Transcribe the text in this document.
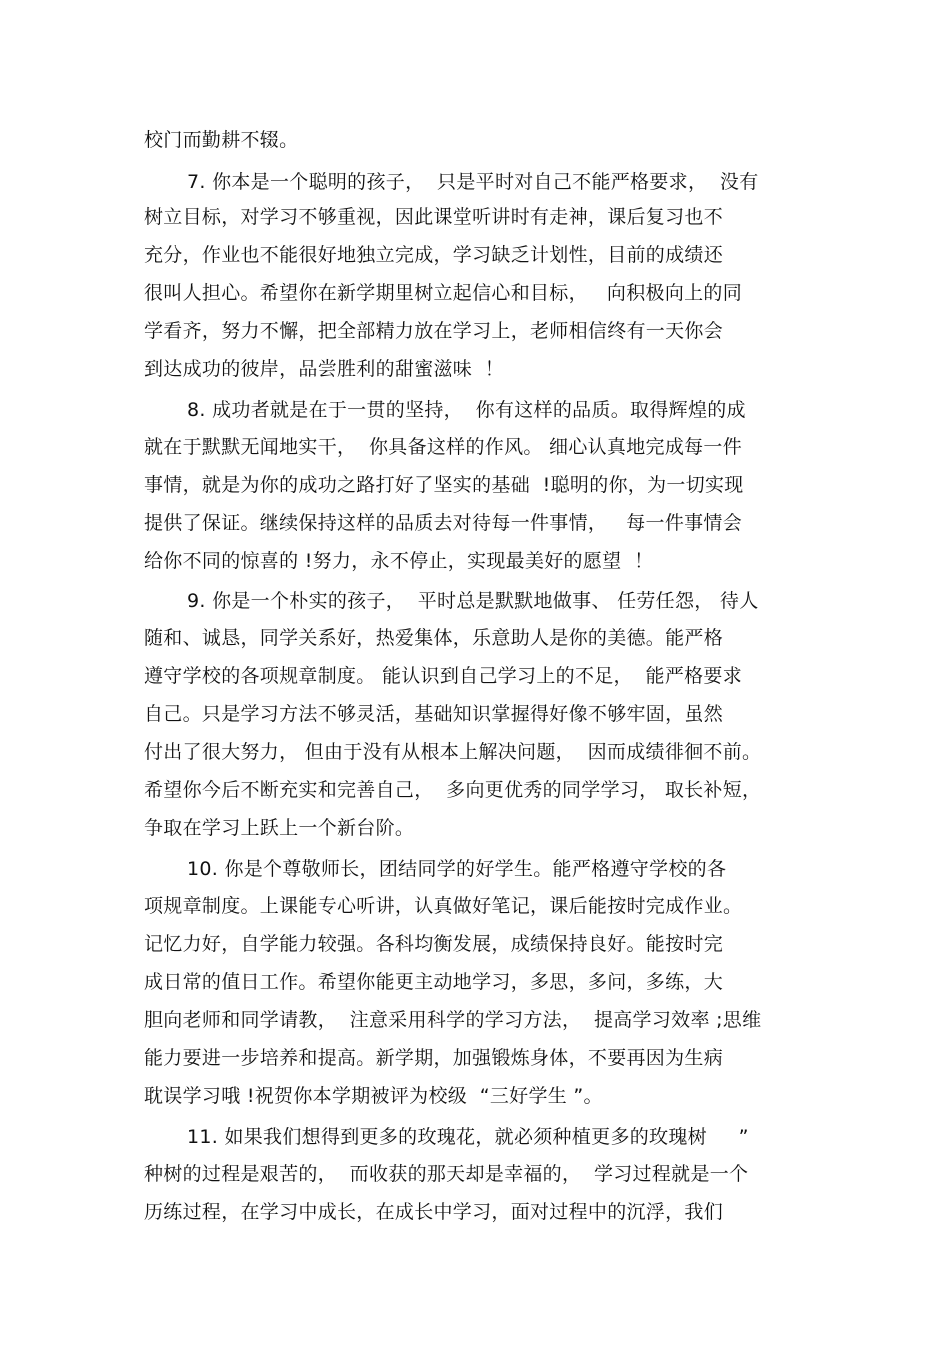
校门而勤耕不辍。
7. 你本是一个聪明的孩子，  只是平时对自己不能严格要求，  没有
树立目标，对学习不够重视，因此课堂听讲时有走神，课后复习也不
充分，作业也不能很好地独立完成，学习缺乏计划性，目前的成绩还
很叫人担心。希望你在新学期里树立起信心和目标，   向积极向上的同
学看齐，努力不懈，把全部精力放在学习上，老师相信终有一天你会
到达成功的彼岸，品尝胜利的甜蜜滋味  ！
8. 成功者就是在于一贯的坚持，  你有这样的品质。取得辉煌的成
就在于默默无闻地实干，  你具备这样的作风。 细心认真地完成每一件
事情，就是为你的成功之路打好了坚实的基础  !聪明的你，为一切实现
提供了保证。继续保持这样的品质去对待每一件事情，   每一件事情会
给你不同的惊喜的 !努力，永不停止，实现最美好的愿望  ！
9. 你是一个朴实的孩子，  平时总是默默地做事、 任劳任怨， 待人
随和、诚恳，同学关系好，热爱集体，乐意助人是你的美德。能严格
遵守学校的各项规章制度。 能认识到自己学习上的不足，  能严格要求
自己。只是学习方法不够灵活，基础知识掌握得好像不够牢固，虽然
付出了很大努力， 但由于没有从根本上解决问题，  因而成绩徘徊不前。
希望你今后不断充实和完善自己，  多向更优秀的同学学习， 取长补短，
争取在学习上跃上一个新台阶。
10. 你是个尊敬师长，团结同学的好学生。能严格遵守学校的各
项规章制度。上课能专心听讲，认真做好笔记，课后能按时完成作业。
记忆力好，自学能力较强。各科均衡发展，成绩保持良好。能按时完
成日常的值日工作。希望你能更主动地学习，多思，多问，多练，大
胆向老师和同学请教，  注意采用科学的学习方法，  提高学习效率 ;思维
能力要进一步培养和提高。新学期，加强锻炼身体，不要再因为生病
耽误学习哦 !祝贺你本学期被评为校级  “三好学生 ”。
11. 如果我们想得到更多的玫瑰花，就必须种植更多的玫瑰树     ”
种树的过程是艰苦的，  而收获的那天却是幸福的，  学习过程就是一个
历练过程，在学习中成长，在成长中学习，面对过程中的沉浮，我们
